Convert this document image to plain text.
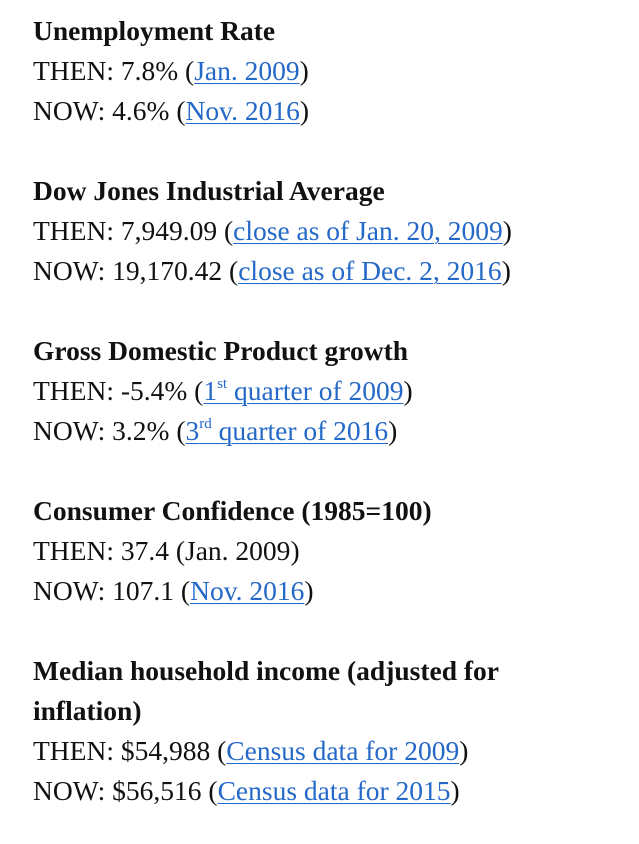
Unemployment Rate

THEN: 7.8% (Jan. 2009)

NOW: 4.6% (Nov. 2016)

Dow Jones Industrial Average

THEN: 7,949.09 (close as of Jan. 20, 2009)

NOW: 19,170.42 (close as of Dec. 2, 2016)

Gross Domestic Product growth

THEN: -5.4% (1st quarter of 2009)

NOW: 3.2% (3rd quarter of 2016)

Consumer Confidence (1985=100)

THEN: 37.4 (Jan. 2009)

NOW: 107.1 (Nov. 2016)

Median household income (adjusted for inflation)

THEN: $54,988 (Census data for 2009)

NOW: $56,516 (Census data for 2015)
